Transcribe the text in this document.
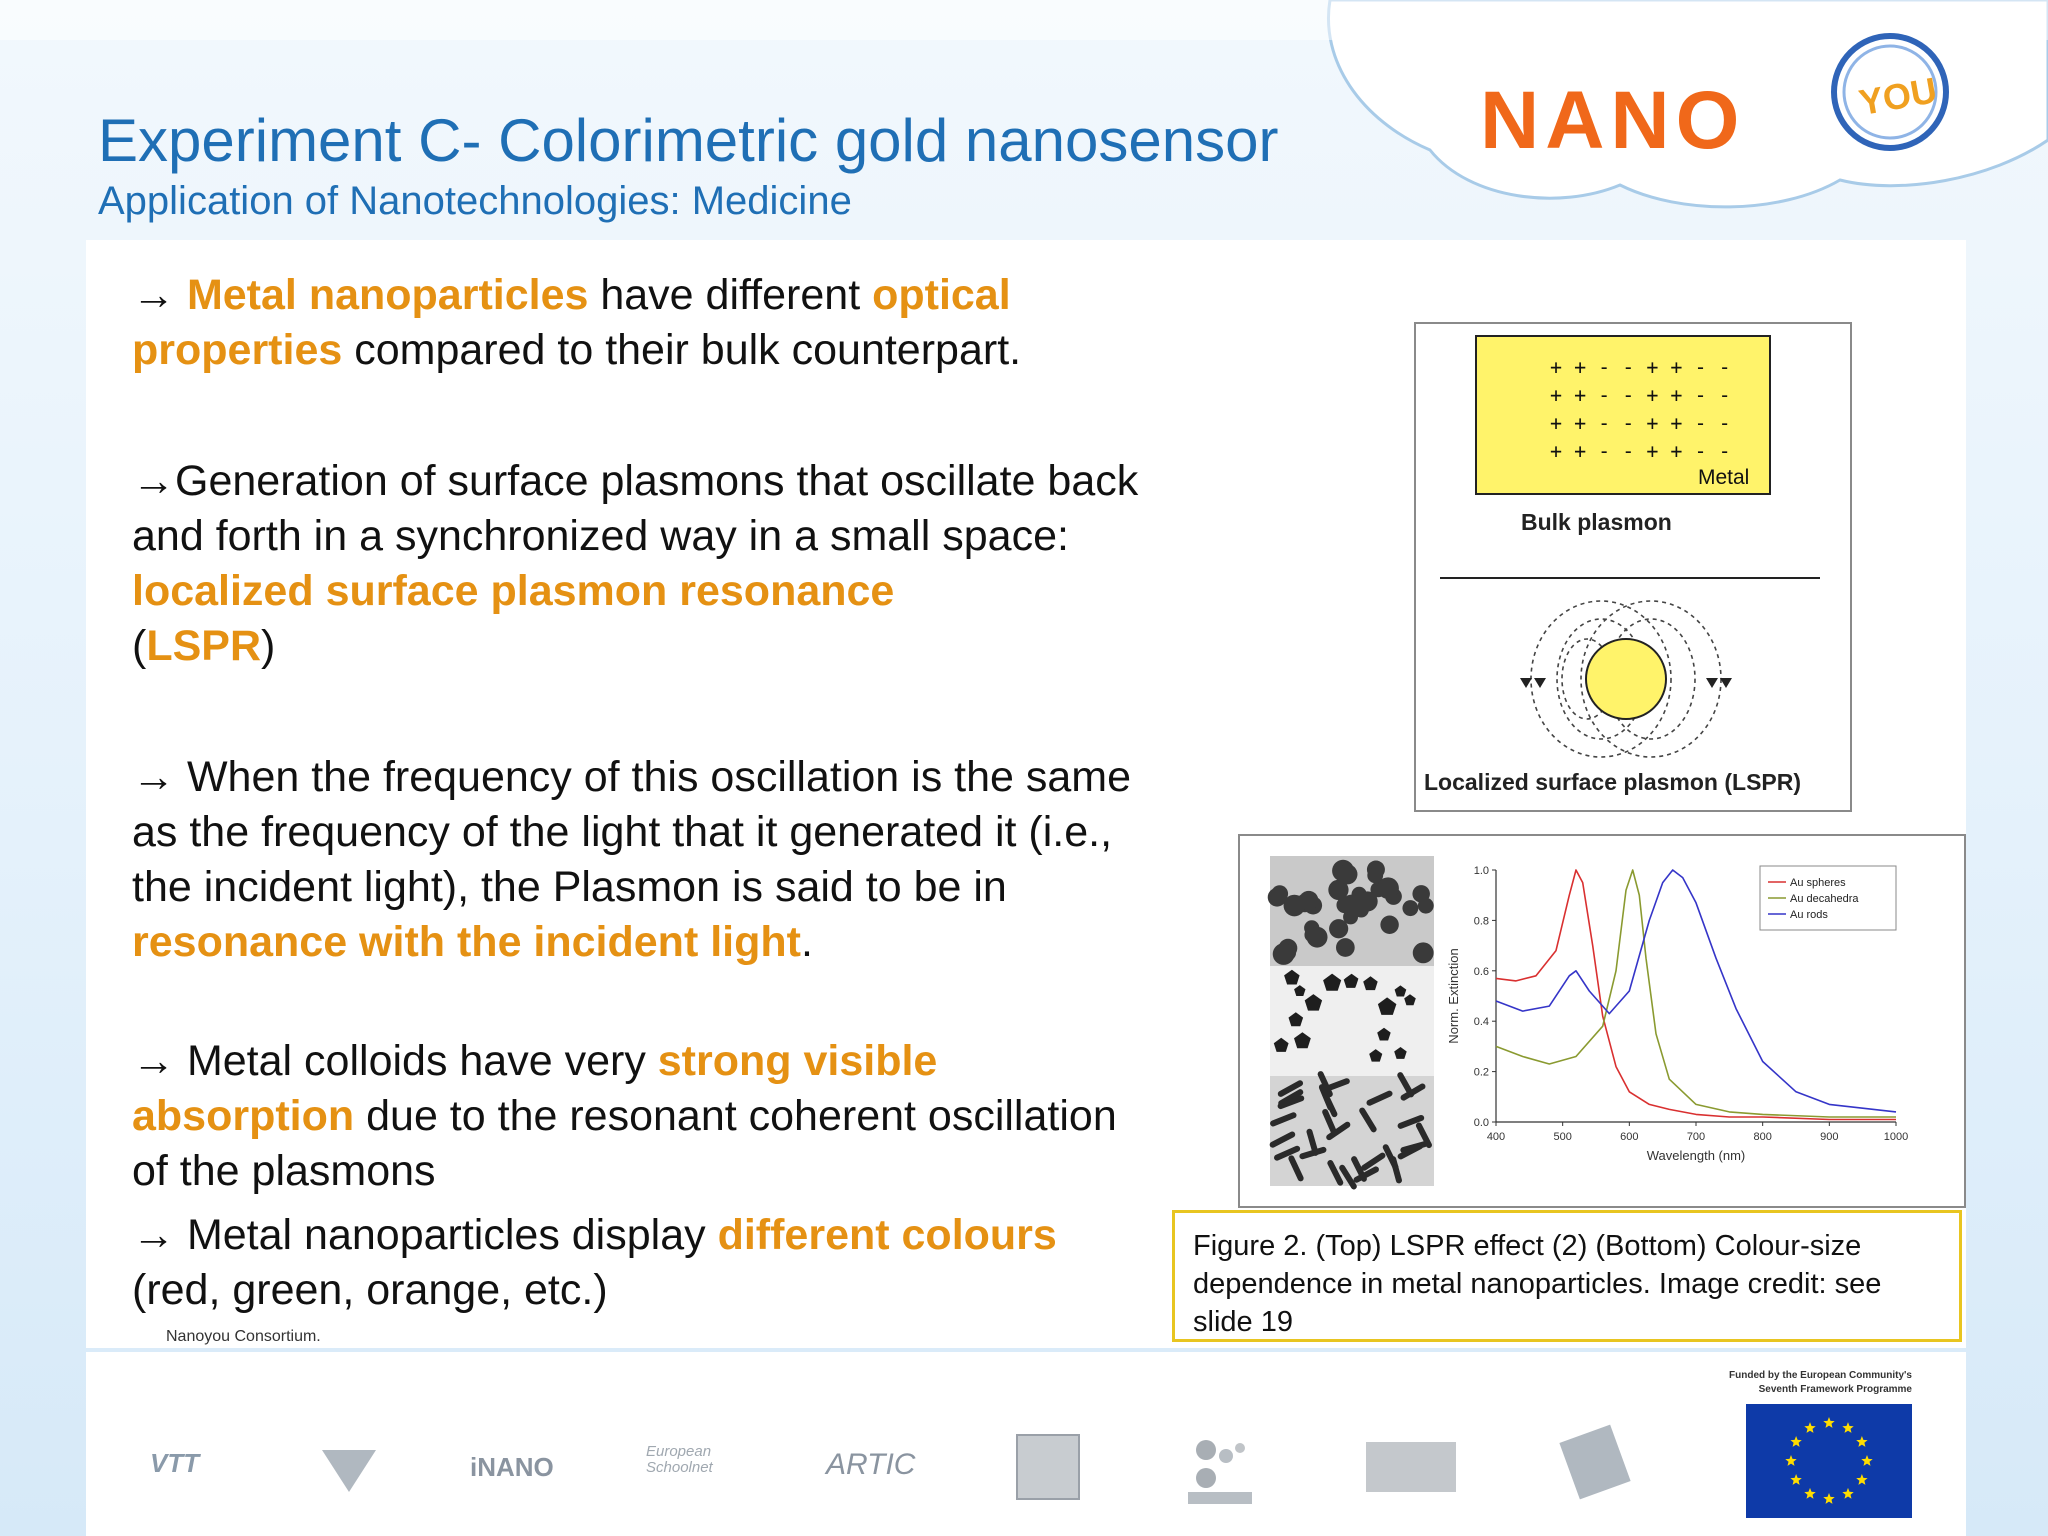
NANO	YOU
Experiment C- Colorimetric gold nanosensor
Application of Nanotechnologies: Medicine

→ Metal nanoparticles have different optical properties compared to their bulk counterpart.

→Generation of surface plasmons that oscillate back and forth in a synchronized way in a small space: localized surface plasmon resonance
(LSPR)

→ When the frequency of this oscillation is the same as the frequency of the light that it generated it (i.e., the incident light), the Plasmon is said to be in resonance with the incident light.

→ Metal colloids have very strong visible absorption due to the resonant coherent oscillation of the plasmons

→ Metal nanoparticles display different colours (red, green, orange, etc.)

Nanoyou Consortium.
+ + - - + + - -
+ + - - + + - -
+ + - - + + - -
+ + - - + + - -
Metal
Bulk plasmon
Localized surface plasmon (LSPR)
400	500	600	700	800	900	1000
0.0
0.2
0.4
0.6
0.8
1.0
Wavelength (nm)
Norm. Extinction
Au spheres
Au decahedra
Au rods
Figure 2. (Top) LSPR effect (2) (Bottom) Colour-size dependence in metal nanoparticles. Image credit: see slide 19
VTT	iNANO
European Schoolnet	ARTIC
Funded by the European Community's
Seventh Framework Programme
